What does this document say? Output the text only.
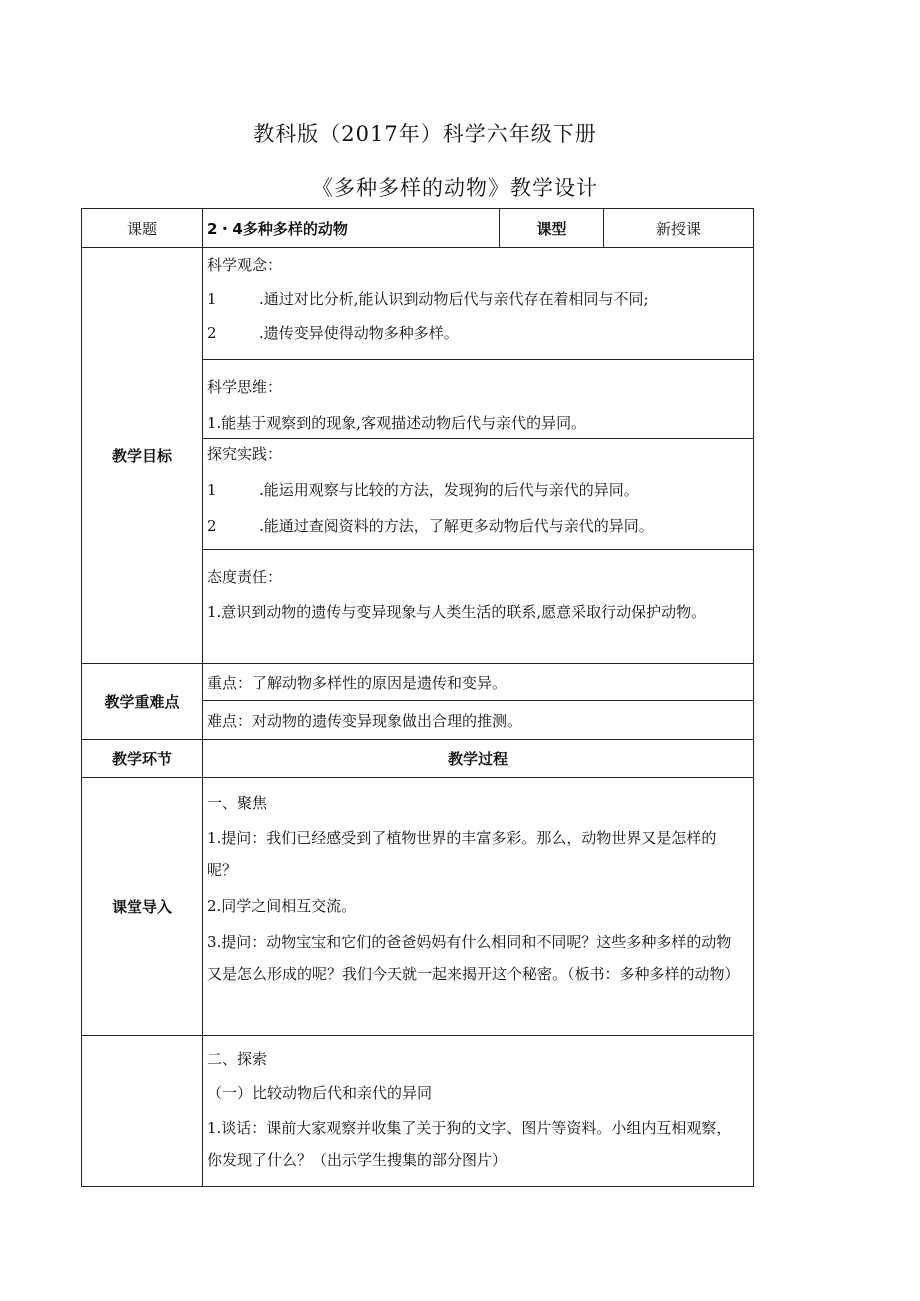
教科版（2017年）科学六年级下册
《多种多样的动物》教学设计
课题	2・4多种多样的动物	课型	新授课
教学目标	科学观念：
1 .通过对比分析,能认识到动物后代与亲代存在着相同与不同;
2 .遗传变异使得动物多种多样。		

	科学思维：
1.能基于观察到的现象,客观描述动物后代与亲代的异同。		

	探究实践：
1 .能运用观察与比较的方法，发现狗的后代与亲代的异同。
2 .能通过查阅资料的方法，了解更多动物后代与亲代的异同。		

	态度责任：
1.意识到动物的遗传与变异现象与人类生活的联系,愿意采取行动保护动物。		

教学重难点	重点：了解动物多样性的原因是遗传和变异。		
	难点：对动物的遗传变异现象做出合理的推测。		
教学环节	教学过程		
课堂导入	一、聚焦
1.提问：我们已经感受到了植物世界的丰富多彩。那么，动物世界又是怎样的呢？
2.同学之间相互交流。
3.提问：动物宝宝和它们的爸爸妈妈有什么相同和不同呢？这些多种多样的动物又是怎么形成的呢？我们今天就一起来揭开这个秘密。（板书：多种多样的动物）		

	二、探索
（一）比较动物后代和亲代的异同
1.谈话：课前大家观察并收集了关于狗的文字、图片等资料。小组内互相观察，你发现了什么？（出示学生搜集的部分图片）		
